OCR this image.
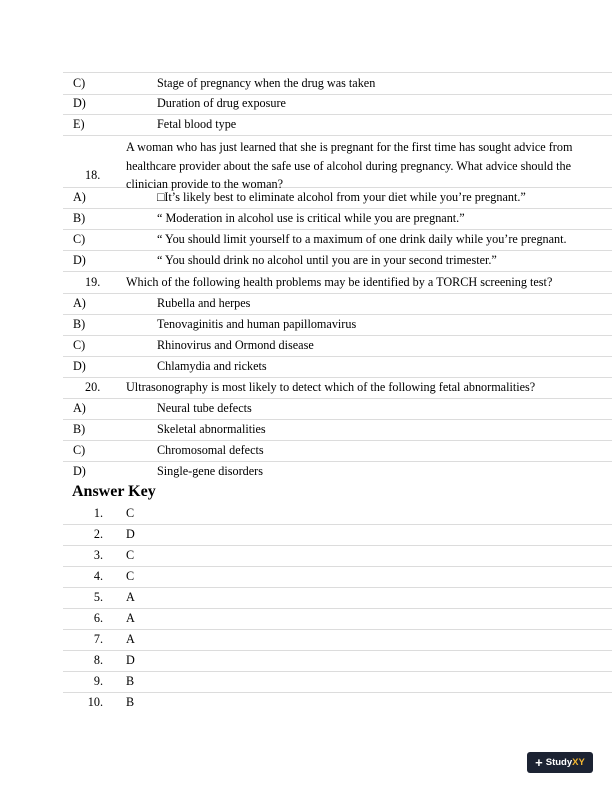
C)	Stage of pregnancy when the drug was taken
D)	Duration of drug exposure
E)	Fetal blood type
18.
A woman who has just learned that she is pregnant for the first time has sought advice from
healthcare provider about the safe use of alcohol during pregnancy. What advice should the
clinician provide to the woman?
A)	□It’s likely best to eliminate alcohol from your diet while you’re pregnant.”
B)	“ Moderation in alcohol use is critical while you are pregnant.”
C)	“ You should limit yourself to a maximum of one drink daily while you’re pregnant.
D)	“ You should drink no alcohol until you are in your second trimester.”
19. Which of the following health problems may be identified by a TORCH screening test?
A)	Rubella and herpes
B)	Tenovaginitis and human papillomavirus
C)	Rhinovirus and Ormond disease
D)	Chlamydia and rickets
20. Ultrasonography is most likely to detect which of the following fetal abnormalities?
A)	Neural tube defects
B)	Skeletal abnormalities
C)	Chromosomal defects
D)	Single-gene disorders
Answer Key
1. C
2. D
3. C
4. C
5. A
6. A
7. A
8. D
9. B
10. B
+ StudyXY
